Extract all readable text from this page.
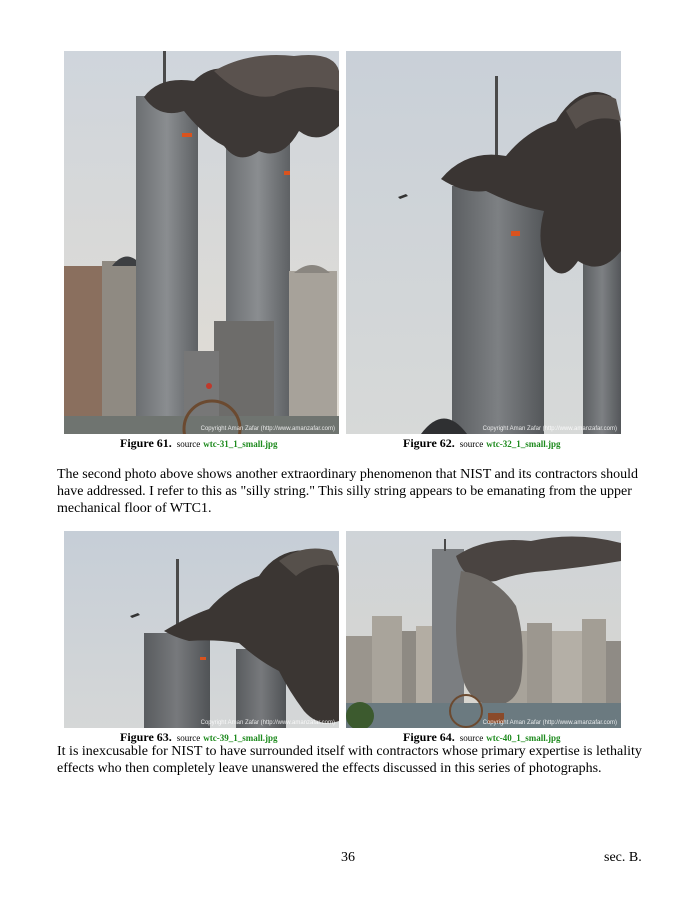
Copyright Aman Zafar (http://www.amanzafar.com)	Copyright Aman Zafar (http://www.amanzafar.com)
Figure 61. source wtc-31_1_small.jpg	Figure 62. source wtc-32_1_small.jpg

The second photo above shows another extraordinary phenomenon that NIST and its contractors should have addressed. I refer to this as "silly string." This silly string appears to be emanating from the upper mechanical floor of WTC1.

Copyright Aman Zafar (http://www.amanzafar.com)	Copyright Aman Zafar (http://www.amanzafar.com)
Figure 63. source wtc-39_1_small.jpg	Figure 64. source wtc-40_1_small.jpg

It is inexcusable for NIST to have surrounded itself with contractors whose primary expertise is lethality effects who then completely leave unanswered the effects discussed in this series of photographs.

36	sec. B.
